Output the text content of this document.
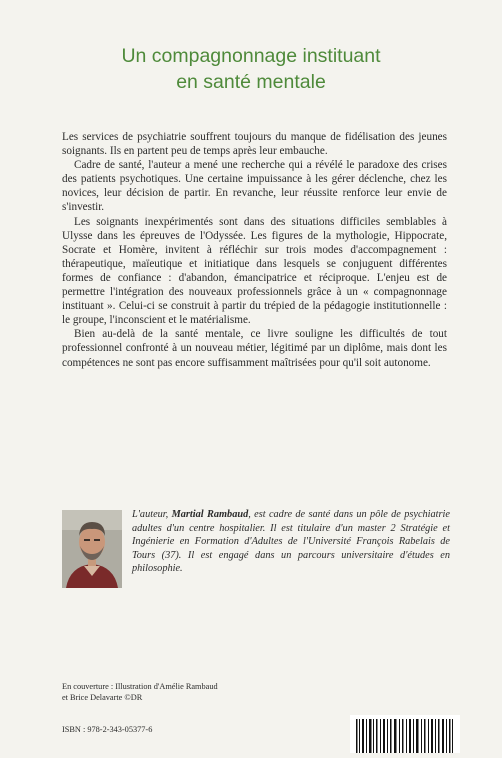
Un compagnonnage instituant
en santé mentale

Les services de psychiatrie souffrent toujours du manque de fidélisation des jeunes soignants. Ils en partent peu de temps après leur embauche.

Cadre de santé, l'auteur a mené une recherche qui a révélé le paradoxe des crises des patients psychotiques. Une certaine impuissance à les gérer déclenche, chez les novices, leur décision de partir. En revanche, leur réussite renforce leur envie de s'investir.

Les soignants inexpérimentés sont dans des situations difficiles semblables à Ulysse dans les épreuves de l'Odyssée. Les figures de la mythologie, Hippocrate, Socrate et Homère, invitent à réfléchir sur trois modes d'accompagnement : thérapeutique, maïeutique et initiatique dans lesquels se conjuguent différentes formes de confiance : d'abandon, émancipatrice et réciproque. L'enjeu est de permettre l'intégration des nouveaux professionnels grâce à un « compagnonnage instituant ». Celui-ci se construit à partir du trépied de la pédagogie institutionnelle : le groupe, l'inconscient et le matérialisme.

Bien au-delà de la santé mentale, ce livre souligne les difficultés de tout professionnel confronté à un nouveau métier, légitimé par un diplôme, mais dont les compétences ne sont pas encore suffisamment maîtrisées pour qu'il soit autonome.

L'auteur, Martial Rambaud, est cadre de santé dans un pôle de psychiatrie adultes d'un centre hospitalier. Il est titulaire d'un master 2 Stratégie et Ingénierie en Formation d'Adultes de l'Université François Rabelais de Tours (37). Il est engagé dans un parcours universitaire d'études en philosophie.

En couverture : Illustration d'Amélie Rambaud
et Brice Delavarte ©DR
ISBN : 978-2-343-05377-6
